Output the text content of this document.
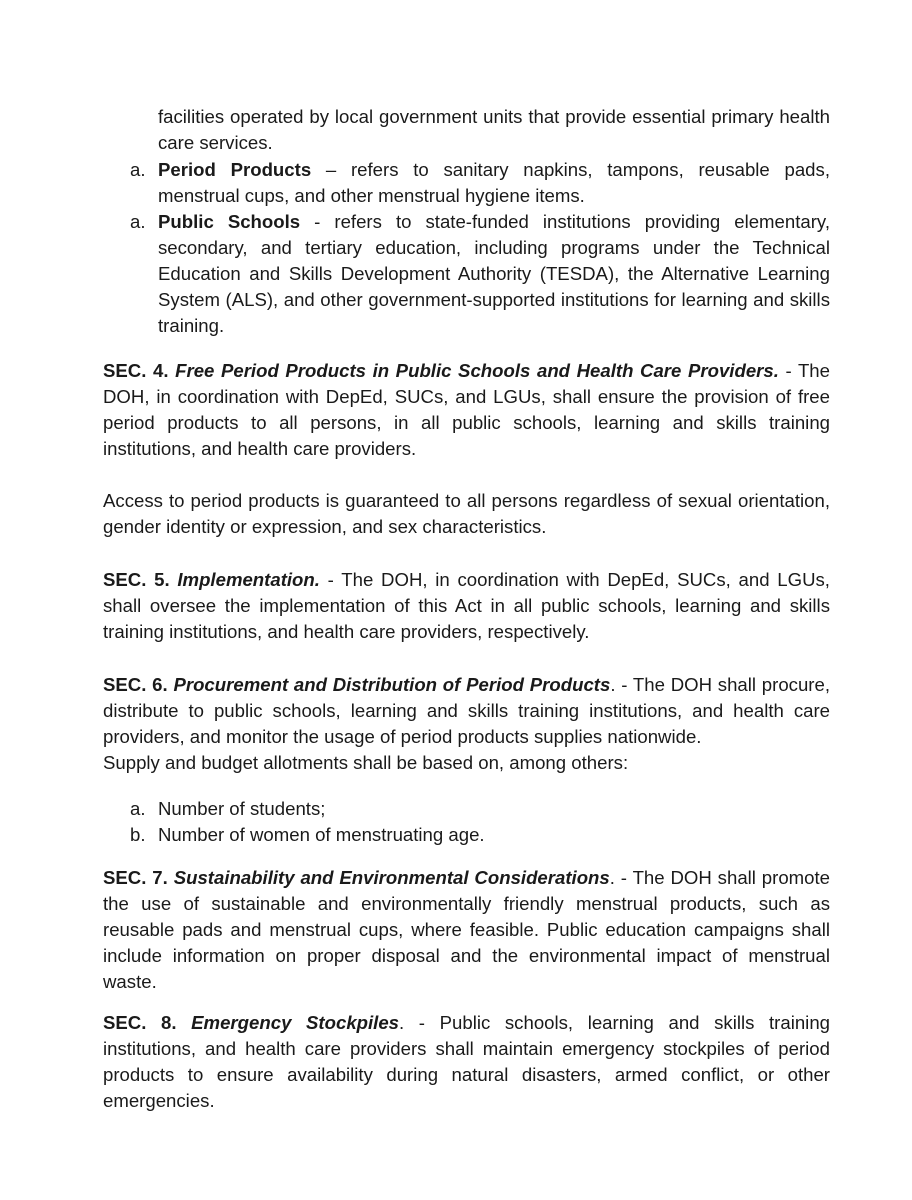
facilities operated by local government units that provide essential primary health care services.

a. Period Products – refers to sanitary napkins, tampons, reusable pads, menstrual cups, and other menstrual hygiene items.
a. Public Schools - refers to state-funded institutions providing elementary, secondary, and tertiary education, including programs under the Technical Education and Skills Development Authority (TESDA), the Alternative Learning System (ALS), and other government-supported institutions for learning and skills training.

SEC. 4. Free Period Products in Public Schools and Health Care Providers. - The DOH, in coordination with DepEd, SUCs, and LGUs, shall ensure the provision of free period products to all persons, in all public schools, learning and skills training institutions, and health care providers.

Access to period products is guaranteed to all persons regardless of sexual orientation, gender identity or expression, and sex characteristics.

SEC. 5. Implementation. - The DOH, in coordination with DepEd, SUCs, and LGUs, shall oversee the implementation of this Act in all public schools, learning and skills training institutions, and health care providers, respectively.

SEC. 6. Procurement and Distribution of Period Products. - The DOH shall procure, distribute to public schools, learning and skills training institutions, and health care providers, and monitor the usage of period products supplies nationwide.

Supply and budget allotments shall be based on, among others:

a. Number of students;
b. Number of women of menstruating age.

SEC. 7. Sustainability and Environmental Considerations. - The DOH shall promote the use of sustainable and environmentally friendly menstrual products, such as reusable pads and menstrual cups, where feasible. Public education campaigns shall include information on proper disposal and the environmental impact of menstrual waste.

SEC. 8. Emergency Stockpiles. - Public schools, learning and skills training institutions, and health care providers shall maintain emergency stockpiles of period products to ensure availability during natural disasters, armed conflict, or other emergencies.
